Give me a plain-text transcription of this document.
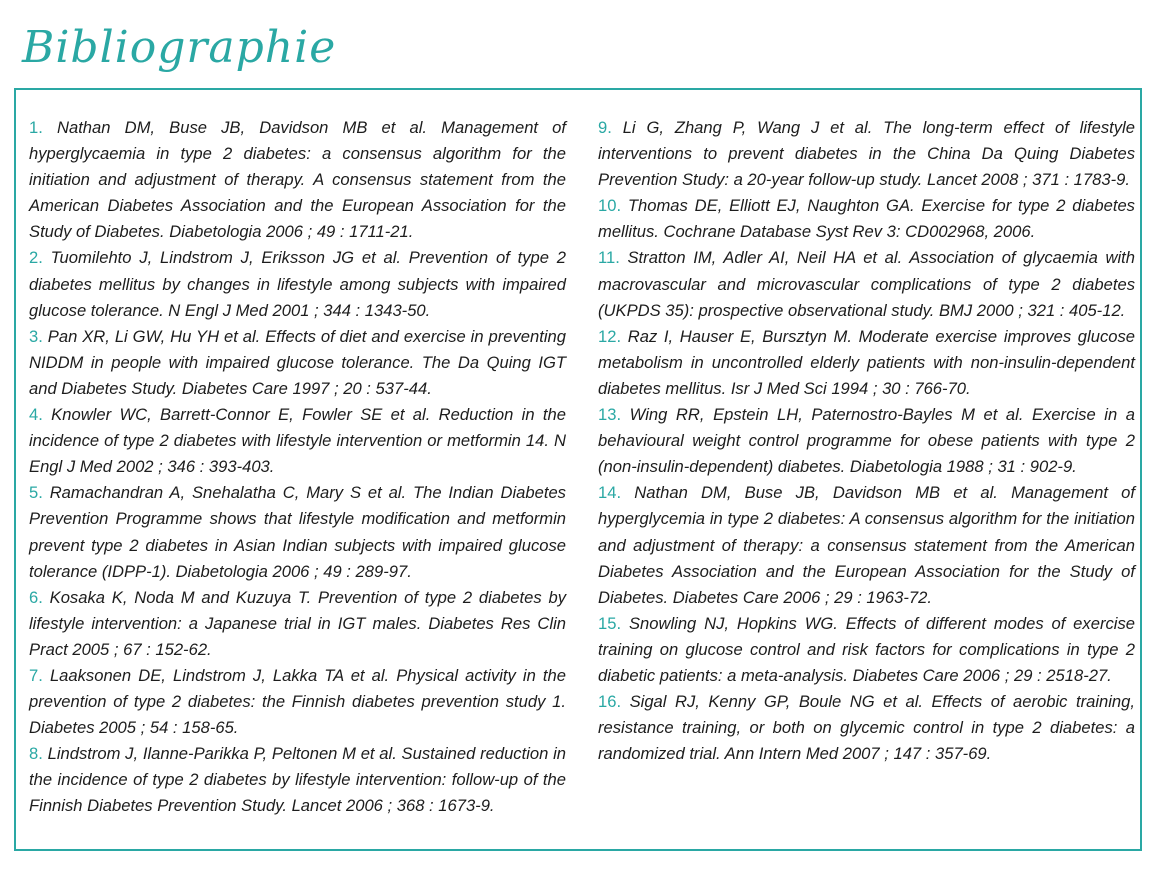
Bibliographie

1. Nathan DM, Buse JB, Davidson MB et al. Management of hyperglycaemia in type 2 diabetes: a consensus algorithm for the initiation and adjustment of therapy. A consensus statement from the American Diabetes Association and the European Association for the Study of Diabetes. Diabetologia 2006 ; 49 : 1711-21.

2. Tuomilehto J, Lindstrom J, Eriksson JG et al. Prevention of type 2 diabetes mellitus by changes in lifestyle among subjects with impaired glucose tolerance. N Engl J Med 2001 ; 344 : 1343-50.

3. Pan XR, Li GW, Hu YH et al. Effects of diet and exercise in preventing NIDDM in people with impaired glucose tolerance. The Da Quing IGT and Diabetes Study. Diabetes Care 1997 ; 20 : 537-44.

4. Knowler WC, Barrett-Connor E, Fowler SE et al. Reduction in the incidence of type 2 diabetes with lifestyle intervention or metformin 14. N Engl J Med 2002 ; 346 : 393-403.

5. Ramachandran A, Snehalatha C, Mary S et al. The Indian Diabetes Prevention Programme shows that lifestyle modification and metformin prevent type 2 diabetes in Asian Indian subjects with impaired glucose tolerance (IDPP-1). Diabetologia 2006 ; 49 : 289-97.

6. Kosaka K, Noda M and Kuzuya T. Prevention of type 2 diabetes by lifestyle intervention: a Japanese trial in IGT males. Diabetes Res Clin Pract 2005 ; 67 : 152-62.

7. Laaksonen DE, Lindstrom J, Lakka TA et al. Physical activity in the prevention of type 2 diabetes: the Finnish diabetes prevention study 1. Diabetes 2005 ; 54 : 158-65.

8. Lindstrom J, Ilanne-Parikka P, Peltonen M et al. Sustained reduction in the incidence of type 2 diabetes by lifestyle intervention: follow-up of the Finnish Diabetes Prevention Study. Lancet 2006 ; 368 : 1673-9.

9. Li G, Zhang P, Wang J et al. The long-term effect of lifestyle interventions to prevent diabetes in the China Da Quing Diabetes Prevention Study: a 20-year follow-up study. Lancet 2008 ; 371 : 1783-9.

10. Thomas DE, Elliott EJ, Naughton GA. Exercise for type 2 diabetes mellitus. Cochrane Database Syst Rev 3: CD002968, 2006.

11. Stratton IM, Adler AI, Neil HA et al. Association of glycaemia with macrovascular and microvascular complications of type 2 diabetes (UKPDS 35): prospective observational study. BMJ 2000 ; 321 : 405-12.

12. Raz I, Hauser E, Bursztyn M. Moderate exercise improves glucose metabolism in uncontrolled elderly patients with non-insulin-dependent diabetes mellitus. Isr J Med Sci 1994 ; 30 : 766-70.

13. Wing RR, Epstein LH, Paternostro-Bayles M et al. Exercise in a behavioural weight control programme for obese patients with type 2 (non-insulin-dependent) diabetes. Diabetologia 1988 ; 31 : 902-9.

14. Nathan DM, Buse JB, Davidson MB et al. Management of hyperglycemia in type 2 diabetes: A consensus algorithm for the initiation and adjustment of therapy: a consensus statement from the American Diabetes Association and the European Association for the Study of Diabetes. Diabetes Care 2006 ; 29 : 1963-72.

15. Snowling NJ, Hopkins WG. Effects of different modes of exercise training on glucose control and risk factors for complications in type 2 diabetic patients: a meta-analysis. Diabetes Care 2006 ; 29 : 2518-27.

16. Sigal RJ, Kenny GP, Boule NG et al. Effects of aerobic training, resistance training, or both on glycemic control in type 2 diabetes: a randomized trial. Ann Intern Med 2007 ; 147 : 357-69.
